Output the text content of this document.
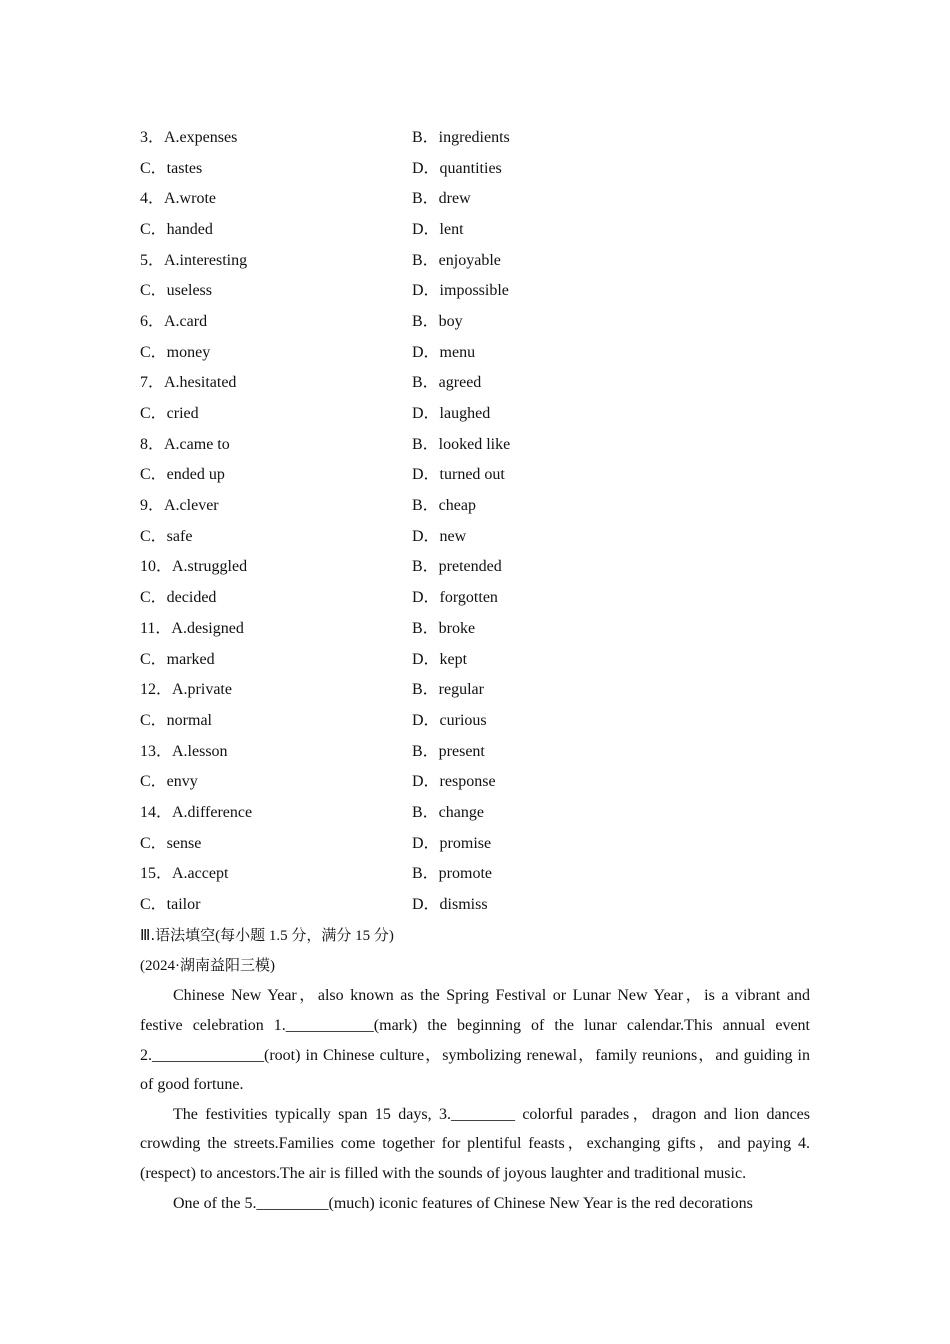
3．A.expenses	B．ingredients
C．tastes	D．quantities
4．A.wrote	B．drew
C．handed	D．lent
5．A.interesting	B．enjoyable
C．useless	D．impossible
6．A.card	B．boy
C．money	D．menu
7．A.hesitated	B．agreed
C．cried	D．laughed
8．A.came to	B．looked like
C．ended up	D．turned out
9．A.clever	B．cheap
C．safe	D．new
10．A.struggled	B．pretended
C．decided	D．forgotten
11．A.designed	B．broke
C．marked	D．kept
12．A.private	B．regular
C．normal	D．curious
13．A.lesson	B．present
C．envy	D．response
14．A.difference	B．change
C．sense	D．promise
15．A.accept	B．promote
C．tailor	D．dismiss
Ⅲ.语法填空(每小题 1.5 分，满分 15 分)
(2024·湖南益阳三模)

Chinese New Year，also known as the Spring Festival or Lunar New Year，is a vibrant and festive celebration 1.___________(mark) the beginning of the lunar calendar.This annual event 2.______________(root) in Chinese culture，symbolizing renewal，family reunions，and guiding in of good fortune.

The festivities typically span 15 days, 3.________ colorful parades，dragon and lion dances crowding the streets.Families come together for plentiful feasts，exchanging gifts，and paying 4.(respect) to ancestors.The air is filled with the sounds of joyous laughter and traditional music.

One of the 5._________(much) iconic features of Chinese New Year is the red decorations
